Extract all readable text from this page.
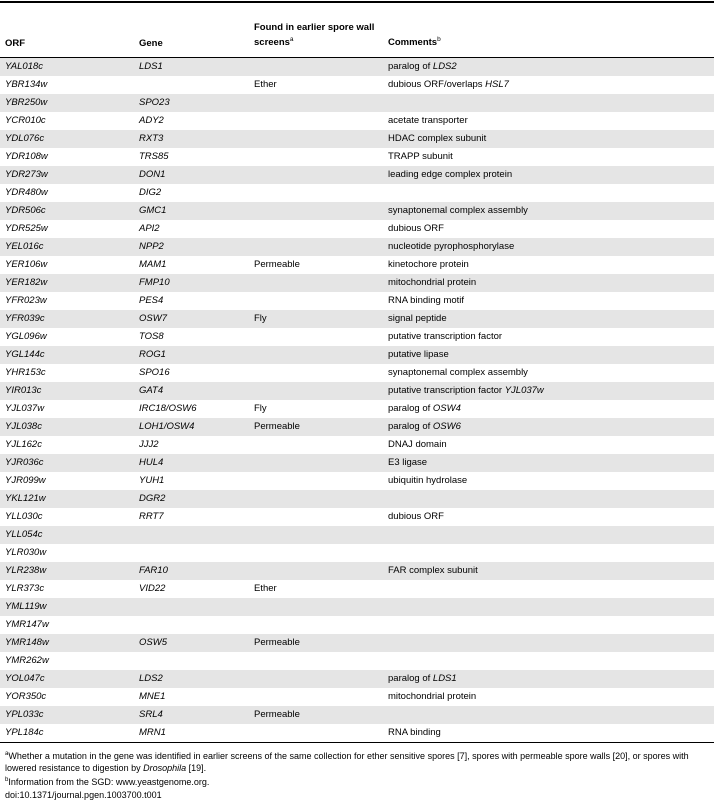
ORF	Gene	Found in earlier spore wall screens$^a$	Comments$^b$
YAL018c	LDS1		paralog of LDS2
YBR134w		Ether	dubious ORF/overlaps HSL7
YBR250w	SPO23		
YCR010c	ADY2		acetate transporter
YDL076c	RXT3		HDAC complex subunit
YDR108w	TRS85		TRAPP subunit
YDR273w	DON1		leading edge complex protein
YDR480w	DIG2		
YDR506c	GMC1		synaptonemal complex assembly
YDR525w	API2		dubious ORF
YEL016c	NPP2		nucleotide pyrophosphorylase
YER106w	MAM1	Permeable	kinetochore protein
YER182w	FMP10		mitochondrial protein
YFR023w	PES4		RNA binding motif
YFR039c	OSW7	Fly	signal peptide
YGL096w	TOS8		putative transcription factor
YGL144c	ROG1		putative lipase
YHR153c	SPO16		synaptonemal complex assembly
YIR013c	GAT4		putative transcription factor YJL037w
YJL037w	IRC18/OSW6	Fly	paralog of OSW4
YJL038c	LOH1/OSW4	Permeable	paralog of OSW6
YJL162c	JJJ2		DNAJ domain
YJR036c	HUL4		E3 ligase
YJR099w	YUH1		ubiquitin hydrolase
YKL121w	DGR2		
YLL030c	RRT7		dubious ORF
YLL054c			
YLR030w			
YLR238w	FAR10		FAR complex subunit
YLR373c	VID22	Ether	
YML119w			
YMR147w			
YMR148w	OSW5	Permeable	
YMR262w			
YOL047c	LDS2		paralog of LDS1
YOR350c	MNE1		mitochondrial protein
YPL033c	SRL4	Permeable	
YPL184c	MRN1		RNA binding
$^a$Whether a mutation in the gene was identified in earlier screens of the same collection for ether sensitive spores [7], spores with permeable spore walls [20], or spores with lowered resistance to digestion by Drosophila [19].
$^b$Information from the SGD: www.yeastgenome.org.
doi:10.1371/journal.pgen.1003700.t001
